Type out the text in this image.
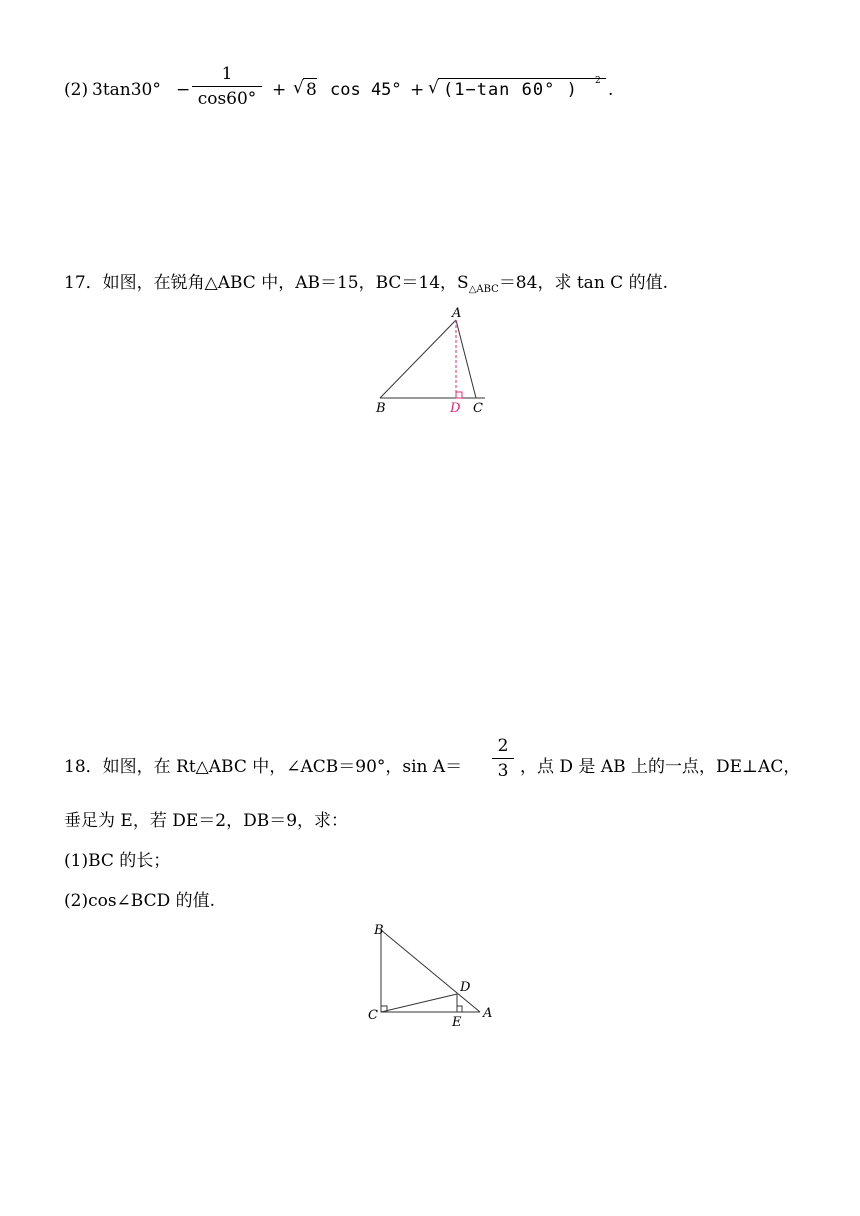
(2) $3\tan 30^\circ - \frac{1}{\cos 60^\circ}$ + √ 8 cos 45° + √ (1−tan 60° ) 2 .
17．如图，在锐角△ABC 中，AB＝15，BC＝14，$S_{\triangle ABC}=84$，求 tan C 的值.
A
B	D C
18．如图，在 Rt△ABC 中，∠ACB＝90°，$\sin A= \frac{2}{3}$ ，点 D 是 AB 上的一点，DE⊥AC，
垂足为 E，若 DE＝2，DB＝9，求：
(1)BC 的长；
(2)cos∠BCD 的值.
B
C
D
E
A
